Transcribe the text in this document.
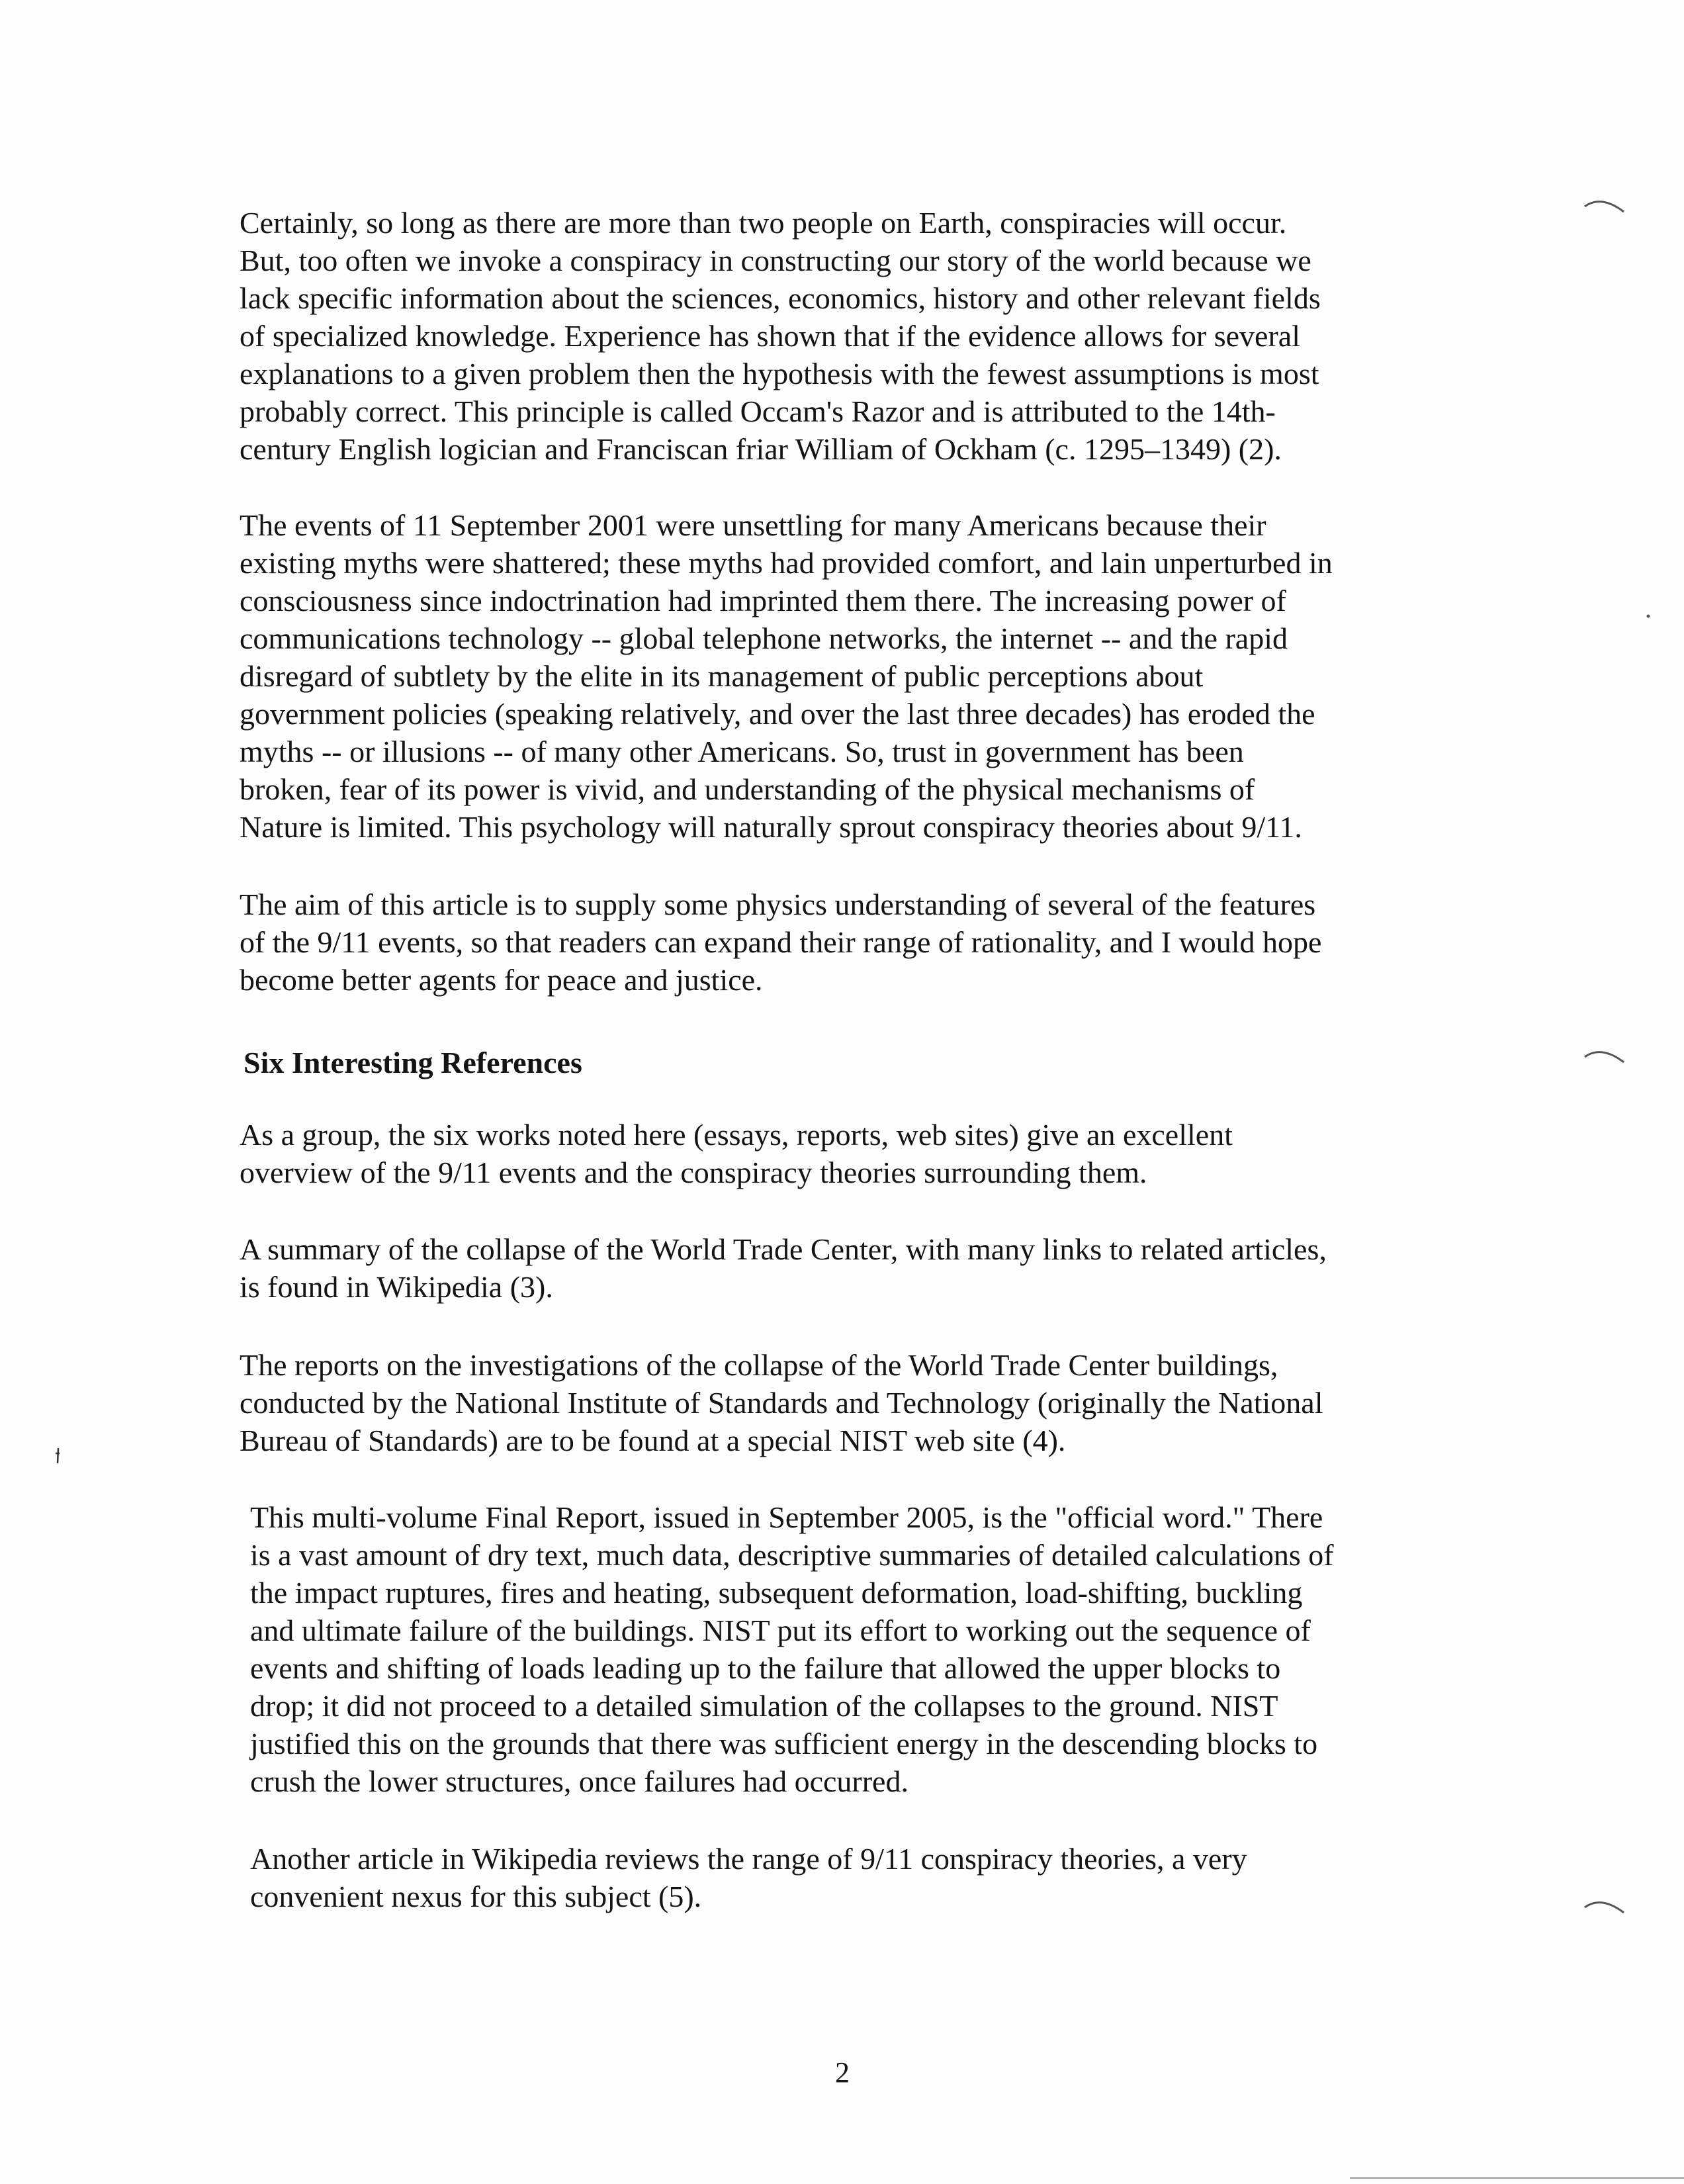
Certainly, so long as there are more than two people on Earth, conspiracies will occur.
But, too often we invoke a conspiracy in constructing our story of the world because we
lack specific information about the sciences, economics, history and other relevant fields
of specialized knowledge. Experience has shown that if the evidence allows for several
explanations to a given problem then the hypothesis with the fewest assumptions is most
probably correct. This principle is called Occam's Razor and is attributed to the 14th-
century English logician and Franciscan friar William of Ockham (c. 1295–1349) (2).
The events of 11 September 2001 were unsettling for many Americans because their
existing myths were shattered; these myths had provided comfort, and lain unperturbed in
consciousness since indoctrination had imprinted them there. The increasing power of
communications technology -- global telephone networks, the internet -- and the rapid
disregard of subtlety by the elite in its management of public perceptions about
government policies (speaking relatively, and over the last three decades) has eroded the
myths -- or illusions -- of many other Americans. So, trust in government has been
broken, fear of its power is vivid, and understanding of the physical mechanisms of
Nature is limited. This psychology will naturally sprout conspiracy theories about 9/11.
The aim of this article is to supply some physics understanding of several of the features
of the 9/11 events, so that readers can expand their range of rationality, and I would hope
become better agents for peace and justice.
Six Interesting References
As a group, the six works noted here (essays, reports, web sites) give an excellent
overview of the 9/11 events and the conspiracy theories surrounding them.
A summary of the collapse of the World Trade Center, with many links to related articles,
is found in Wikipedia (3).
The reports on the investigations of the collapse of the World Trade Center buildings,
conducted by the National Institute of Standards and Technology (originally the National
Bureau of Standards) are to be found at a special NIST web site (4).
This multi-volume Final Report, issued in September 2005, is the "official word." There
is a vast amount of dry text, much data, descriptive summaries of detailed calculations of
the impact ruptures, fires and heating, subsequent deformation, load-shifting, buckling
and ultimate failure of the buildings. NIST put its effort to working out the sequence of
events and shifting of loads leading up to the failure that allowed the upper blocks to
drop; it did not proceed to a detailed simulation of the collapses to the ground. NIST
justified this on the grounds that there was sufficient energy in the descending blocks to
crush the lower structures, once failures had occurred.
Another article in Wikipedia reviews the range of 9/11 conspiracy theories, a very
convenient nexus for this subject (5).
2
